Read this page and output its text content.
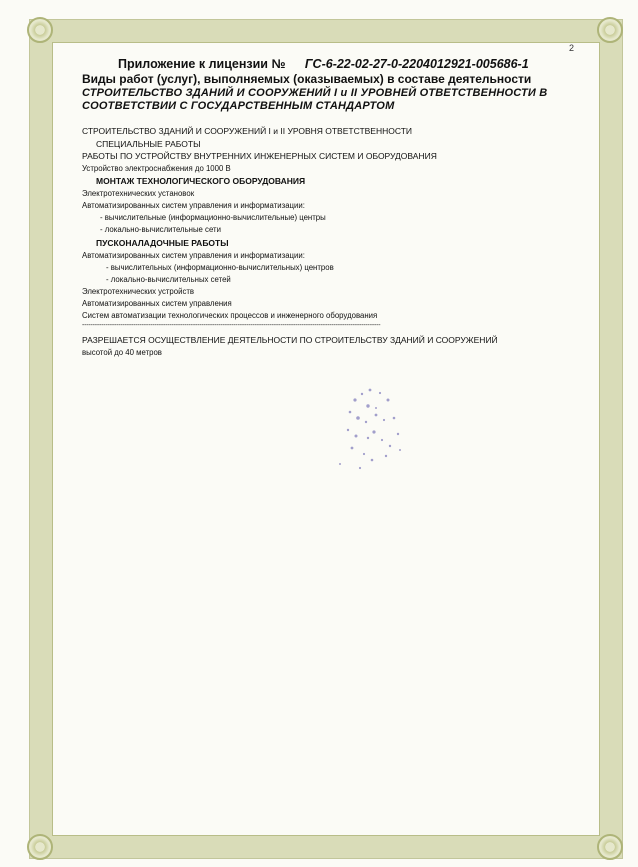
2
Приложение к лицензии № ГС-6-22-02-27-0-2204012921-005686-1
Виды работ (услуг), выполняемых (оказываемых) в составе деятельности
СТРОИТЕЛЬСТВО ЗДАНИЙ И СООРУЖЕНИЙ I и II УРОВНЕЙ ОТВЕТСТВЕННОСТИ В
СООТВЕТСТВИИ С ГОСУДАРСТВЕННЫМ СТАНДАРТОМ
СТРОИТЕЛЬСТВО ЗДАНИЙ И СООРУЖЕНИЙ I и II УРОВНЯ ОТВЕТСТВЕННОСТИ
СПЕЦИАЛЬНЫЕ РАБОТЫ
РАБОТЫ ПО УСТРОЙСТВУ ВНУТРЕННИХ ИНЖЕНЕРНЫХ СИСТЕМ И ОБОРУДОВАНИЯ
Устройство электроснабжения до 1000 В
МОНТАЖ ТЕХНОЛОГИЧЕСКОГО ОБОРУДОВАНИЯ
Электротехнических установок
Автоматизированных систем управления и информатизации:
- вычислительные (информационно-вычислительные) центры
- локально-вычислительные сети
ПУСКОНАЛАДОЧНЫЕ РАБОТЫ
Автоматизированных систем управления и информатизации:
- вычислительных (информационно-вычислительных) центров
- локально-вычислительных сетей
Электротехнических устройств
Автоматизированных систем управления
Систем автоматизации технологических процессов и инженерного оборудования
--------------------------------------------------------------------------------------------------------------------------------------------
РАЗРЕШАЕТСЯ ОСУЩЕСТВЛЕНИЕ ДЕЯТЕЛЬНОСТИ ПО СТРОИТЕЛЬСТВУ ЗДАНИЙ И СООРУЖЕНИЙ
высотой до 40 метров
